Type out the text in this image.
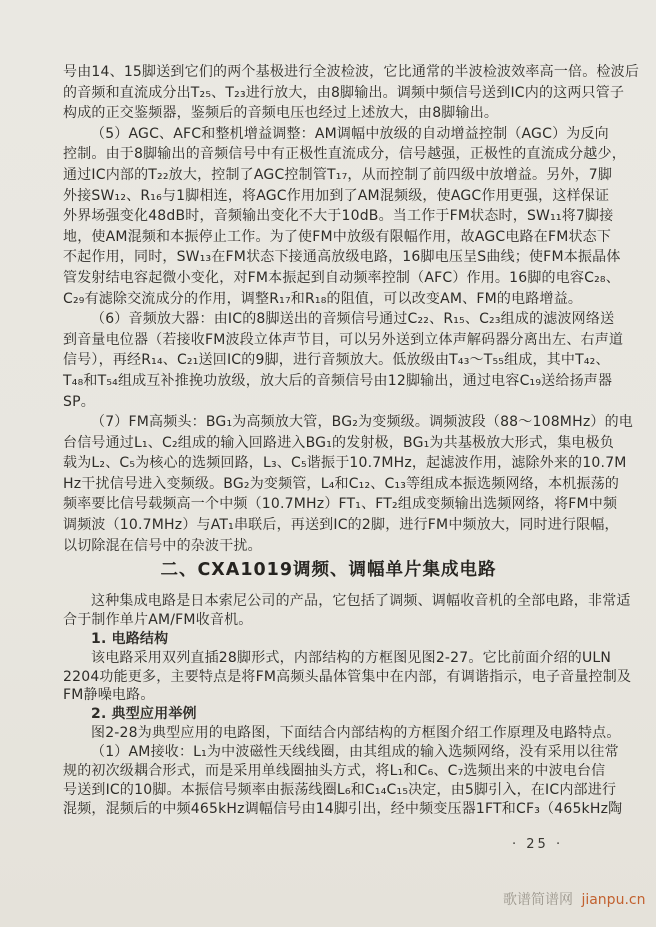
号由14、15脚送到它们的两个基极进行全波检波，它比通常的半波检波效率高一倍。检波后
的音频和直流成分出T₂₅、T₂₃进行放大，由8脚输出。调频中频信号送到IC内的这两只管子
构成的正交鉴频器，鉴频后的音频电压也经过上述放大，由8脚输出。
（5）AGC、AFC和整机增益调整：AM调幅中放级的自动增益控制（AGC）为反向
控制。由于8脚输出的音频信号中有正极性直流成分，信号越强，正极性的直流成分越少，
通过IC内部的T₂₂放大，控制了AGC控制管T₁₇，从而控制了前四级中放增益。另外，7脚
外接SW₁₂、R₁₆与1脚相连，将AGC作用加到了AM混频级，使AGC作用更强，这样保证
外界场强变化48dB时，音频输出变化不大于10dB。当工作于FM状态时，SW₁₁将7脚接
地，使AM混频和本振停止工作。为了使FM中放级有限幅作用，故AGC电路在FM状态下
不起作用，同时，SW₁₃在FM状态下接通高放级电路，16脚电压呈S曲线；使FM本振晶体
管发射结电容起微小变化，对FM本振起到自动频率控制（AFC）作用。16脚的电容C₂₈、
C₂₉有滤除交流成分的作用，调整R₁₇和R₁₈的阻值，可以改变AM、FM的电路增益。
（6）音频放大器：由IC的8脚送出的音频信号通过C₂₂、R₁₅、C₂₃组成的滤波网络送
到音量电位器（若接收FM波段立体声节目，可以另外送到立体声解码器分离出左、右声道
信号），再经R₁₄、C₂₁送回IC的9脚，进行音频放大。低放级由T₄₃～T₅₅组成，其中T₄₂、
T₄₈和T₅₄组成互补推挽功放级，放大后的音频信号由12脚输出，通过电容C₁₉送给扬声器
SP。
（7）FM高频头：BG₁为高频放大管，BG₂为变频级。调频波段（88～108MHz）的电
台信号通过L₁、C₂组成的输入回路进入BG₁的发射极，BG₁为共基极放大形式，集电极负
载为L₂、C₅为核心的选频回路，L₃、C₅谐振于10.7MHz，起滤波作用，滤除外来的10.7M
Hz干扰信号进入变频级。BG₂为变频管，L₄和C₁₂、C₁₃等组成本振选频网络，本机振荡的
频率要比信号载频高一个中频（10.7MHz）FT₁、FT₂组成变频输出选频网络，将FM中频
调频波（10.7MHz）与AT₁串联后，再送到IC的2脚，进行FM中频放大，同时进行限幅，
以切除混在信号中的杂波干扰。
二、CXA1019调频、调幅单片集成电路
这种集成电路是日本索尼公司的产品，它包括了调频、调幅收音机的全部电路，非常适
合于制作单片AM/FM收音机。
1. 电路结构
该电路采用双列直插28脚形式，内部结构的方框图见图2-27。它比前面介绍的ULN
2204功能更多，主要特点是将FM高频头晶体管集中在内部，有调谐指示，电子音量控制及
FM静噪电路。
2. 典型应用举例
图2-28为典型应用的电路图，下面结合内部结构的方框图介绍工作原理及电路特点。
（1）AM接收：L₁为中波磁性天线线圈，由其组成的输入选频网络，没有采用以往常
规的初次级耦合形式，而是采用单线圈抽头方式，将L₁和C₆、C₇选频出来的中波电台信
号送到IC的10脚。本振信号频率由振荡线圈L₆和C₁₄C₁₅决定，由5脚引入，在IC内部进行
混频，混频后的中频465kHz调幅信号由14脚引出，经中频变压器1FT和CF₃（465kHz陶
· 25 ·
歌谱简谱网 jianpu.cn
